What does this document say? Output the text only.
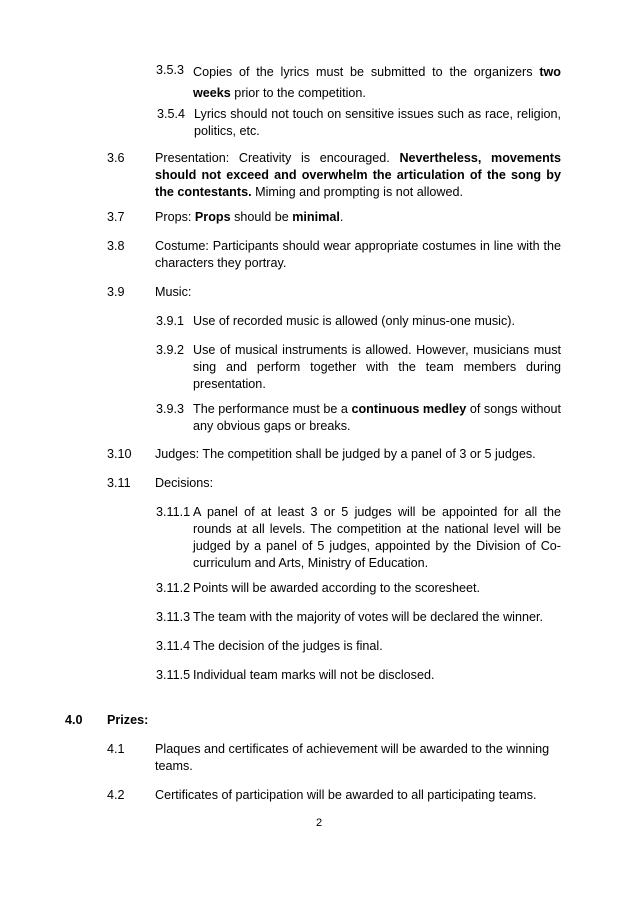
3.5.3 Copies of the lyrics must be submitted to the organizers two weeks prior to the competition.
3.5.4 Lyrics should not touch on sensitive issues such as race, religion, politics, etc.
3.6	Presentation: Creativity is encouraged. Nevertheless, movements should not exceed and overwhelm the articulation of the song by the contestants. Miming and prompting is not allowed.
3.7	Props: Props should be minimal.
3.8	Costume: Participants should wear appropriate costumes in line with the characters they portray.
3.9	Music:
3.9.1 Use of recorded music is allowed (only minus-one music).
3.9.2 Use of musical instruments is allowed. However, musicians must sing and perform together with the team members during presentation.
3.9.3 The performance must be a continuous medley of songs without any obvious gaps or breaks.
3.10	Judges: The competition shall be judged by a panel of 3 or 5 judges.
3.11	Decisions:
3.11.1 A panel of at least 3 or 5 judges will be appointed for all the rounds at all levels. The competition at the national level will be judged by a panel of 5 judges, appointed by the Division of Co-curriculum and Arts, Ministry of Education.
3.11.2 Points will be awarded according to the scoresheet.
3.11.3 The team with the majority of votes will be declared the winner.
3.11.4 The decision of the judges is final.
3.11.5 Individual team marks will not be disclosed.
4.0	Prizes:
4.1	Plaques and certificates of achievement will be awarded to the winning teams.
4.2	Certificates of participation will be awarded to all participating teams.
2
